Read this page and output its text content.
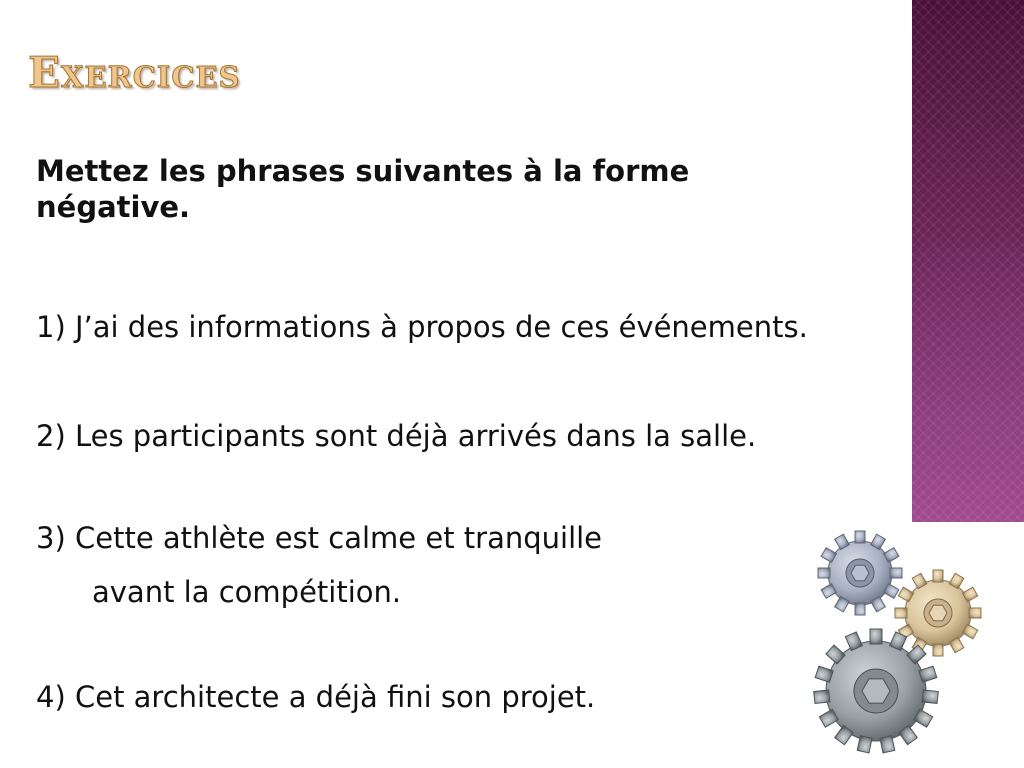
Exercices

Mettez les phrases suivantes à la forme négative.

1) J’ai des informations à propos de ces événements.

2) Les participants sont déjà arrivés dans la salle.

3) Cette athlète est calme et tranquille

avant la compétition.

4) Cet architecte a déjà fini son projet.
